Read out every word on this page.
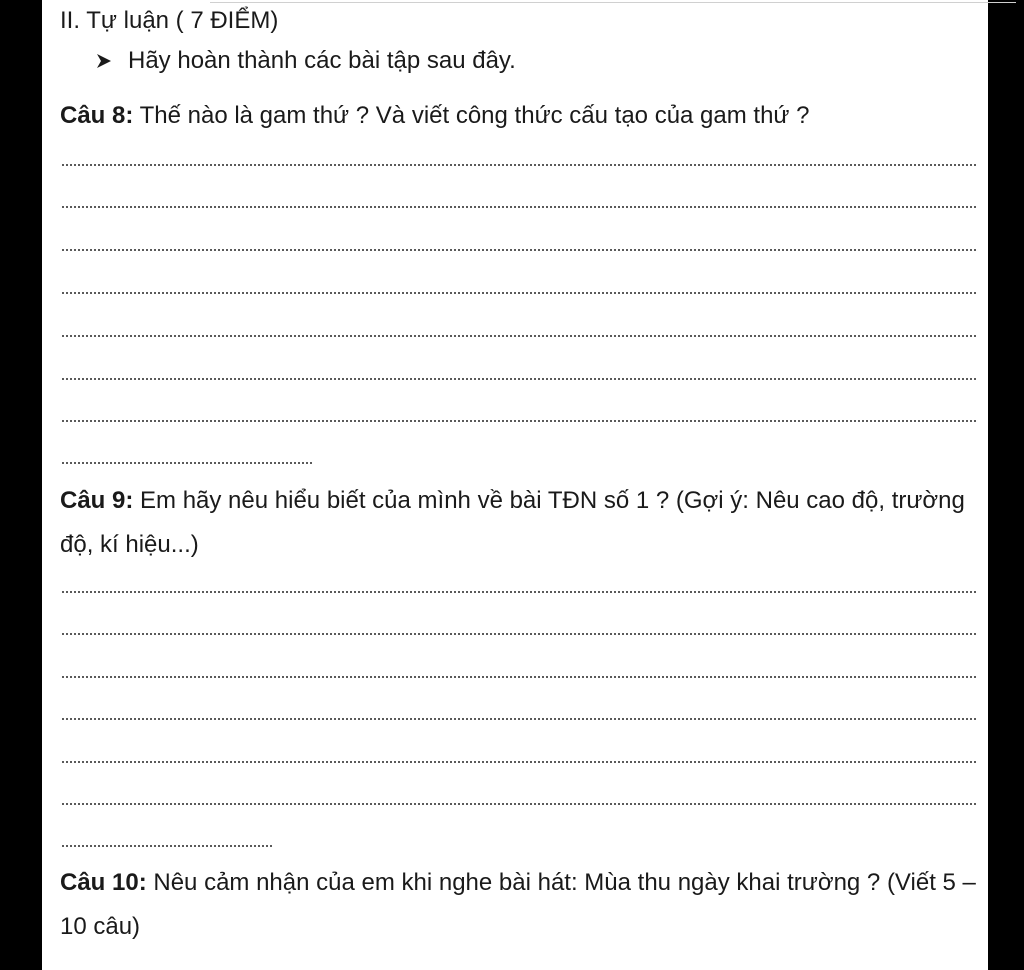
II. Tự luận ( 7 ĐIỂM)
Hãy hoàn thành các bài tập sau đây.
Câu 8: Thế nào là gam thứ ? Và viết công thức cấu tạo của gam thứ ?
Câu 9: Em hãy nêu hiểu biết của mình về bài TĐN số 1 ? (Gợi ý: Nêu cao độ, trường độ, kí hiệu...)
Câu 10: Nêu cảm nhận của em khi nghe bài hát: Mùa thu ngày khai trường ? (Viết 5 – 10 câu)
